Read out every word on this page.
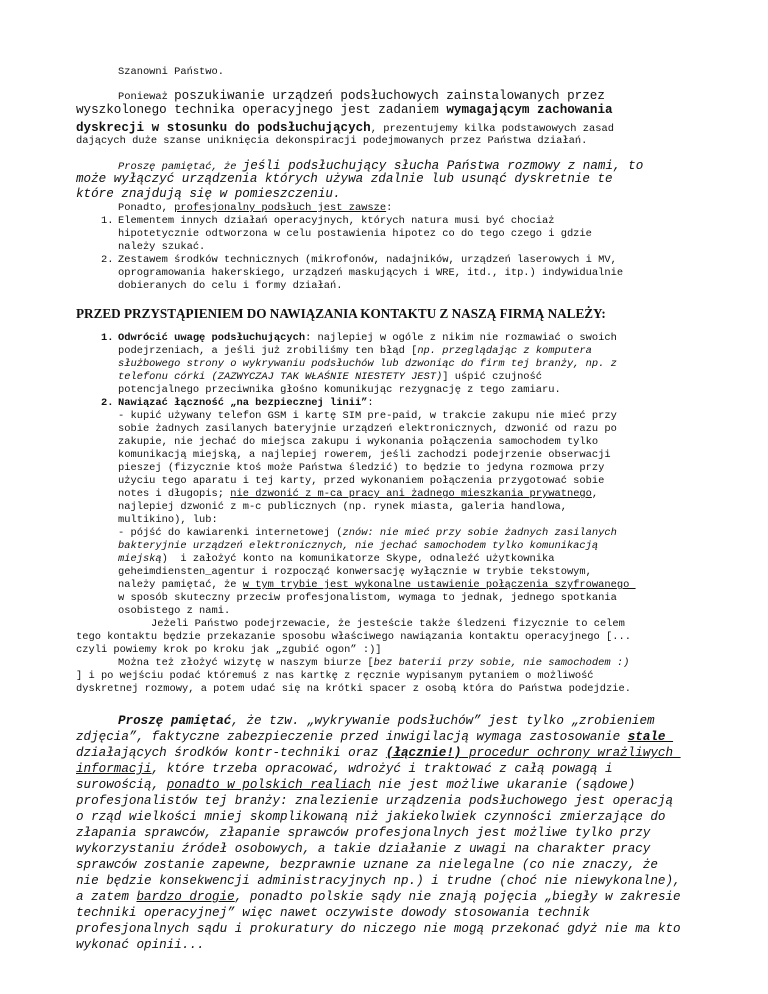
Szanowni Państwo.
Ponieważ poszukiwanie urządzeń podsłuchowych zainstalowanych przez
wyszkolonego technika operacyjnego jest zadaniem wymagającym zachowania
dyskrecji w stosunku do podsłuchujących, prezentujemy kilka podstawowych zasad
dających duże szanse uniknięcia dekonspiracji podejmowanych przez Państwa działań.
Proszę pamiętać, że jeśli podsłuchujący słucha Państwa rozmowy z nami, to
może wyłączyć urządzenia których używa zdalnie lub usunąć dyskretnie te
które znajdują się w pomieszczeniu.
Ponadto, profesjonalny podsłuch jest zawsze:
1. Elementem innych działań operacyjnych, których natura musi być chociaż
hipotetycznie odtworzona w celu postawienia hipotez co do tego czego i gdzie
należy szukać.
2. Zestawem środków technicznych (mikrofonów, nadajników, urządzeń laserowych i MV,
oprogramowania hakerskiego, urządzeń maskujących i WRE, itd., itp.) indywidualnie
dobieranych do celu i formy działań.
PRZED PRZYSTĄPIENIEM DO NAWIĄZANIA KONTAKTU Z NASZĄ FIRMĄ NALEŻY:
1. Odwrócić uwagę podsłuchujących: najlepiej w ogóle z nikim nie rozmawiać o swoich
podejrzeniach, a jeśli już zrobiliśmy ten błąd [np. przeglądając z komputera
służbowego strony o wykrywaniu podsłuchów lub dzwoniąc do firm tej branży, np. z
telefonu córki (ZAZWYCZAJ TAK WŁAŚNIE NIESTETY JEST)] uśpić czujność
potencjalnego przeciwnika głośno komunikując rezygnację z tego zamiaru.
2. Nawiązać łączność „na bezpiecznej linii”:
- kupić używany telefon GSM i kartę SIM pre-paid, w trakcie zakupu nie mieć przy
sobie żadnych zasilanych bateryjnie urządzeń elektronicznych, dzwonić od razu po
zakupie, nie jechać do miejsca zakupu i wykonania połączenia samochodem tylko
komunikacją miejską, a najlepiej rowerem, jeśli zachodzi podejrzenie obserwacji
pieszej (fizycznie ktoś może Państwa śledzić) to będzie to jedyna rozmowa przy
użyciu tego aparatu i tej karty, przed wykonaniem połączenia przygotować sobie
notes i długopis; nie dzwonić z m-ca pracy ani żadnego mieszkania prywatnego,
najlepiej dzwonić z m-c publicznych (np. rynek miasta, galeria handlowa,
multikino), lub:
- pójść do kawiarenki internetowej (znów: nie mieć przy sobie żadnych zasilanych
bakteryjnie urządzeń elektronicznych, nie jechać samochodem tylko komunikacją
miejską)  i założyć konto na komunikatorze Skype, odnaleźć użytkownika
geheimdiensten_agentur i rozpocząć konwersację wyłącznie w trybie tekstowym,
należy pamiętać, że w tym trybie jest wykonalne ustawienie połączenia szyfrowanego
w sposób skuteczny przeciw profesjonalistom, wymaga to jednak, jednego spotkania
osobistego z nami.
Jeżeli Państwo podejrzewacie, że jesteście także śledzeni fizycznie to celem
tego kontaktu będzie przekazanie sposobu właściwego nawiązania kontaktu operacyjnego [...
czyli powiemy krok po kroku jak „zgubić ogon” :)]
Można też złożyć wizytę w naszym biurze [bez baterii przy sobie, nie samochodem :)
] i po wejściu podać któremuś z nas kartkę z ręcznie wypisanym pytaniem o możliwość
dyskretnej rozmowy, a potem udać się na krótki spacer z osobą która do Państwa podejdzie.
Proszę pamiętać, że tzw. „wykrywanie podsłuchów” jest tylko „zrobieniem
zdjęcia”, faktyczne zabezpieczenie przed inwigilacją wymaga zastosowanie stale
działających środków kontr-techniki oraz (łącznie!) procedur ochrony wrażliwych
informacji, które trzeba opracować, wdrożyć i traktować z całą powagą i
surowością, ponadto w polskich realiach nie jest możliwe ukaranie (sądowe)
profesjonalistów tej branży: znalezienie urządzenia podsłuchowego jest operacją
o rząd wielkości mniej skomplikowaną niż jakiekolwiek czynności zmierzające do
złapania sprawców, złapanie sprawców profesjonalnych jest możliwe tylko przy
wykorzystaniu źródeł osobowych, a takie działanie z uwagi na charakter pracy
sprawców zostanie zapewne, bezprawnie uznane za nielegalne (co nie znaczy, że
nie będzie konsekwencji administracyjnych np.) i trudne (choć nie niewykonalne),
a zatem bardzo drogie, ponadto polskie sądy nie znają pojęcia „biegły w zakresie
techniki operacyjnej” więc nawet oczywiste dowody stosowania technik
profesjonalnych sądu i prokuratury do niczego nie mogą przekonać gdyż nie ma kto
wykonać opinii...
